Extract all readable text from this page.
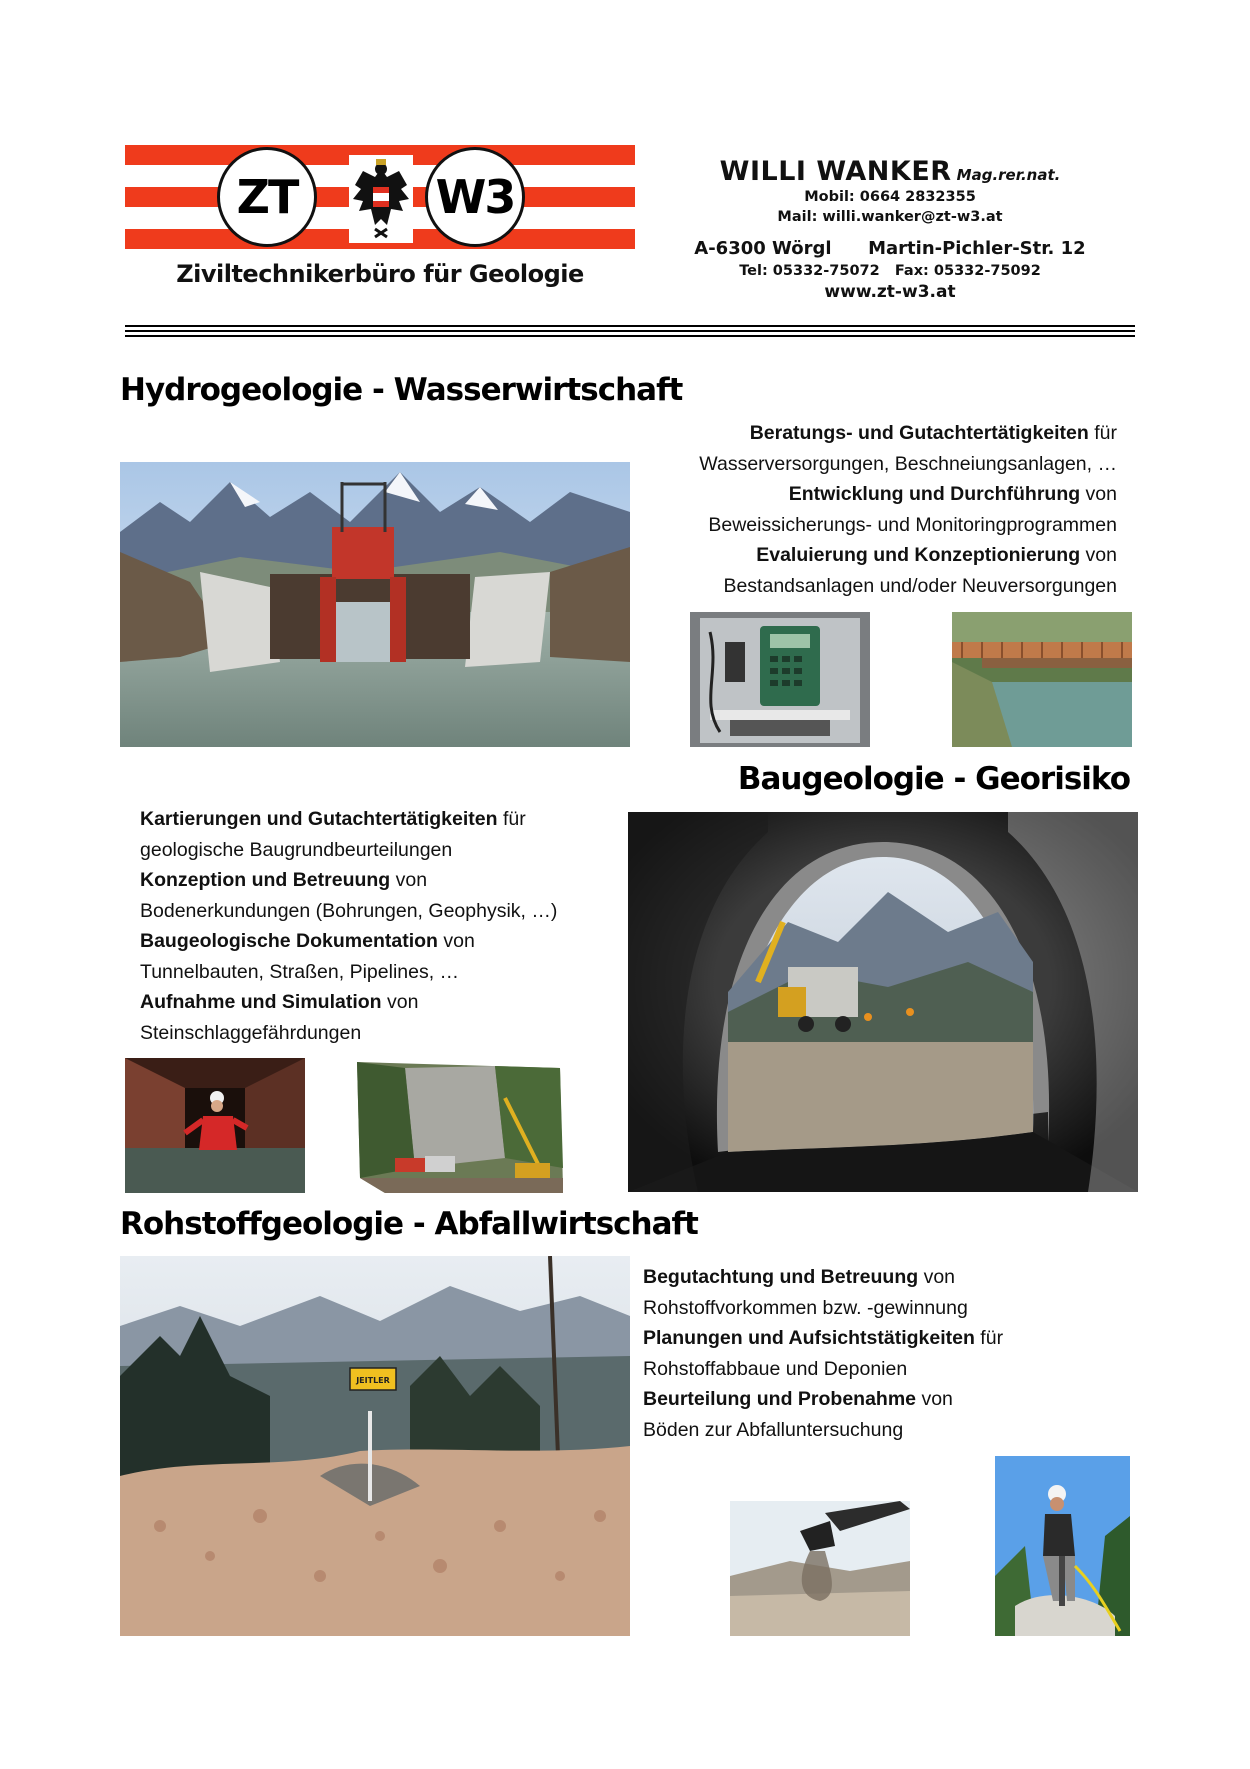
ZT	W3
Ziviltechnikerbüro für Geologie
WILLI WANKER Mag.rer.nat.
Mobil: 0664 2832355
Mail: willi.wanker@zt-w3.at
A-6300 Wörgl Martin-Pichler-Str. 12
Tel: 05332-75072   Fax: 05332-75092
www.zt-w3.at
Hydrogeologie - Wasserwirtschaft
Beratungs- und Gutachtertätigkeiten für
Wasserversorgungen, Beschneiungsanlagen, …
Entwicklung und Durchführung von
Beweissicherungs- und Monitoringprogrammen
Evaluierung und Konzeptionierung von
Bestandsanlagen und/oder Neuversorgungen
Baugeologie - Georisiko
Kartierungen und Gutachtertätigkeiten für
geologische Baugrundbeurteilungen
Konzeption und Betreuung von
Bodenerkundungen (Bohrungen, Geophysik, …)
Baugeologische Dokumentation von
Tunnelbauten, Straßen, Pipelines, …
Aufnahme und Simulation von
Steinschlaggefährdungen
Rohstoffgeologie - Abfallwirtschaft
Begutachtung und Betreuung von
Rohstoffvorkommen bzw. -gewinnung
Planungen und Aufsichtstätigkeiten für
Rohstoffabbaue und Deponien
Beurteilung und Probenahme von
Böden zur Abfalluntersuchung
JEITLER
